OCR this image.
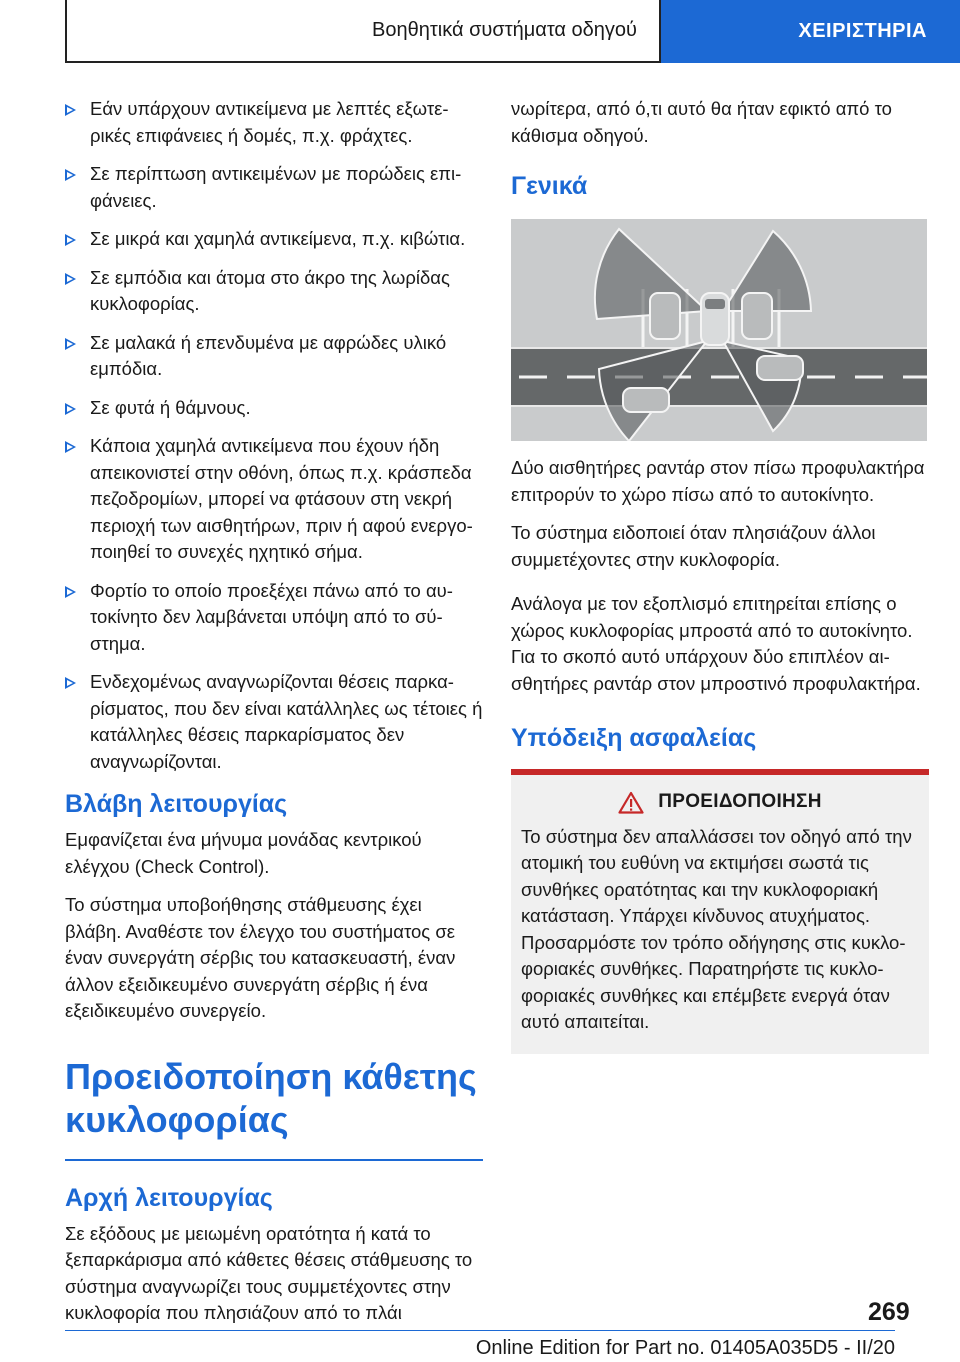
Βοηθητικά συστήματα οδηγού	ΧΕΙΡΙΣΤΗΡΙΑ
Εάν υπάρχουν αντικείμενα με λεπτές εξωτερικές επιφάνειες ή δομές, π.χ. φράχτες.
Σε περίπτωση αντικειμένων με πορώδεις επιφάνειες.
Σε μικρά και χαμηλά αντικείμενα, π.χ. κιβώτια.
Σε εμπόδια και άτομα στο άκρο της λωρίδας κυκλοφορίας.
Σε μαλακά ή επενδυμένα με αφρώδες υλικό εμπόδια.
Σε φυτά ή θάμνους.
Κάποια χαμηλά αντικείμενα που έχουν ήδη απεικονιστεί στην οθόνη, όπως π.χ. κράσπεδα πεζοδρομίων, μπορεί να φτάσουν στη νεκρή περιοχή των αισθητήρων, πριν ή αφού ενεργοποιηθεί το συνεχές ηχητικό σήμα.
Φορτίο το οποίο προεξέχει πάνω από το αυτοκίνητο δεν λαμβάνεται υπόψη από το σύστημα.
Ενδεχομένως αναγνωρίζονται θέσεις παρκαρίσματος, που δεν είναι κατάλληλες ως τέτοιες ή κατάλληλες θέσεις παρκαρίσματος δεν αναγνωρίζονται.
Βλάβη λειτουργίας

Εμφανίζεται ένα μήνυμα μονάδας κεντρικού ελέγχου (Check Control).

Το σύστημα υποβοήθησης στάθμευσης έχει βλάβη. Αναθέστε τον έλεγχο του συστήματος σε έναν συνεργάτη σέρβις του κατασκευαστή, έναν άλλον εξειδικευμένο συνεργάτη σέρβις ή ένα εξειδικευμένο συνεργείο.

Προειδοποίηση κάθετης κυκλοφορίας
Αρχή λειτουργίας

Σε εξόδους με μειωμένη ορατότητα ή κατά το ξεπαρκάρισμα από κάθετες θέσεις στάθμευσης το σύστημα αναγνωρίζει τους συμμετέχοντες στην κυκλοφορία που πλησιάζουν από το πλάι

νωρίτερα, από ό,τι αυτό θα ήταν εφικτό από το κάθισμα οδηγού.

Γενικά

Δύο αισθητήρες ραντάρ στον πίσω προφυλακτήρα επιτρορύν το χώρο πίσω από το αυτοκίνητο.

Το σύστημα ειδοποιεί όταν πλησιάζουν άλλοι συμμετέχοντες στην κυκλοφορία.

Ανάλογα με τον εξοπλισμό επιτηρείται επίσης ο χώρος κυκλοφορίας μπροστά από το αυτοκίνητο. Για το σκοπό αυτό υπάρχουν δύο επιπλέον αισθητήρες ραντάρ στον μπροστινό προφυλακτήρα.

Υπόδειξη ασφαλείας
ΠΡΟΕΙΔΟΠΟΙΗΣΗ

Το σύστημα δεν απαλλάσσει τον οδηγό από την ατομική του ευθύνη να εκτιμήσει σωστά τις συνθήκες ορατότητας και την κυκλοφοριακή κατάσταση. Υπάρχει κίνδυνος ατυχήματος. Προσαρμόστε τον τρόπο οδήγησης στις κυκλοφοριακές συνθήκες. Παρατηρήστε τις κυκλοφοριακές συνθήκες και επέμβετε ενεργά όταν αυτό απαιτείται.

269
Online Edition for Part no. 01405A035D5 - II/20
